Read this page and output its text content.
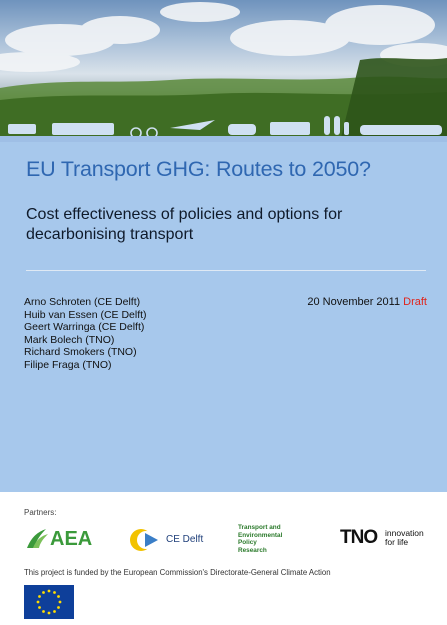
EU Transport GHG: Routes to 2050?
Cost effectiveness of policies and options for decarbonising transport
Arno Schroten (CE Delft)
Huib van Essen (CE Delft)
Geert Warringa (CE Delft)
Mark Bolech (TNO)
Richard Smokers (TNO)
Filipe Fraga (TNO)
20 November 2011 Draft
Partners:
AEA	CE Delft
Transport and
Environmental
Policy
Research
TNO innovation
for life
This project is funded by the European Commission's Directorate-General Climate Action
